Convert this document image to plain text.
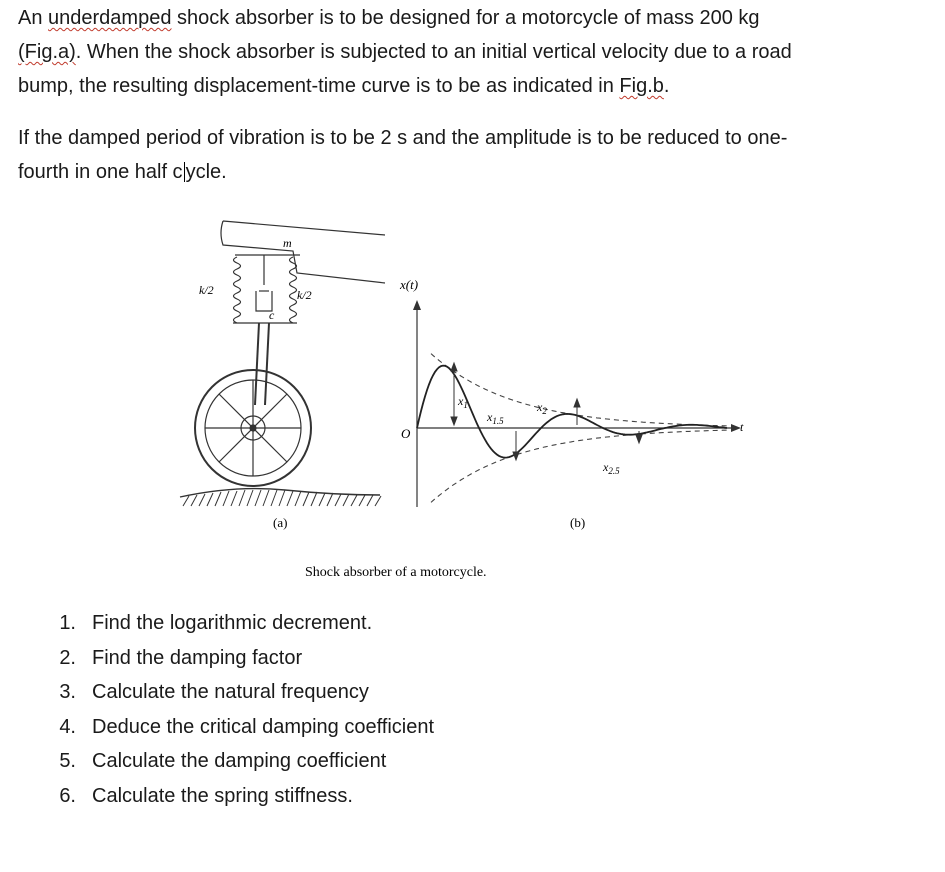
An underdamped shock absorber is to be designed for a motorcycle of mass 200 kg
(Fig.a). When the shock absorber is subjected to an initial vertical velocity due to a road
bump, the resulting displacement-time curve is to be as indicated in Fig.b.

If the damped period of vibration is to be 2 s and the amplitude is to be reduced to one-
fourth in one half c ycle.

m
k/2	k/2
c
(a)
x(t)
O	t
$x_1$
$x_{1.5}$
$x_2$
$x_{2.5}$
(b)
Shock absorber of a motorcycle.
1. Find the logarithmic decrement.
2. Find the damping factor
3. Calculate the natural frequency
4. Deduce the critical damping coefficient
5. Calculate the damping coefficient
6. Calculate the spring stiffness.
